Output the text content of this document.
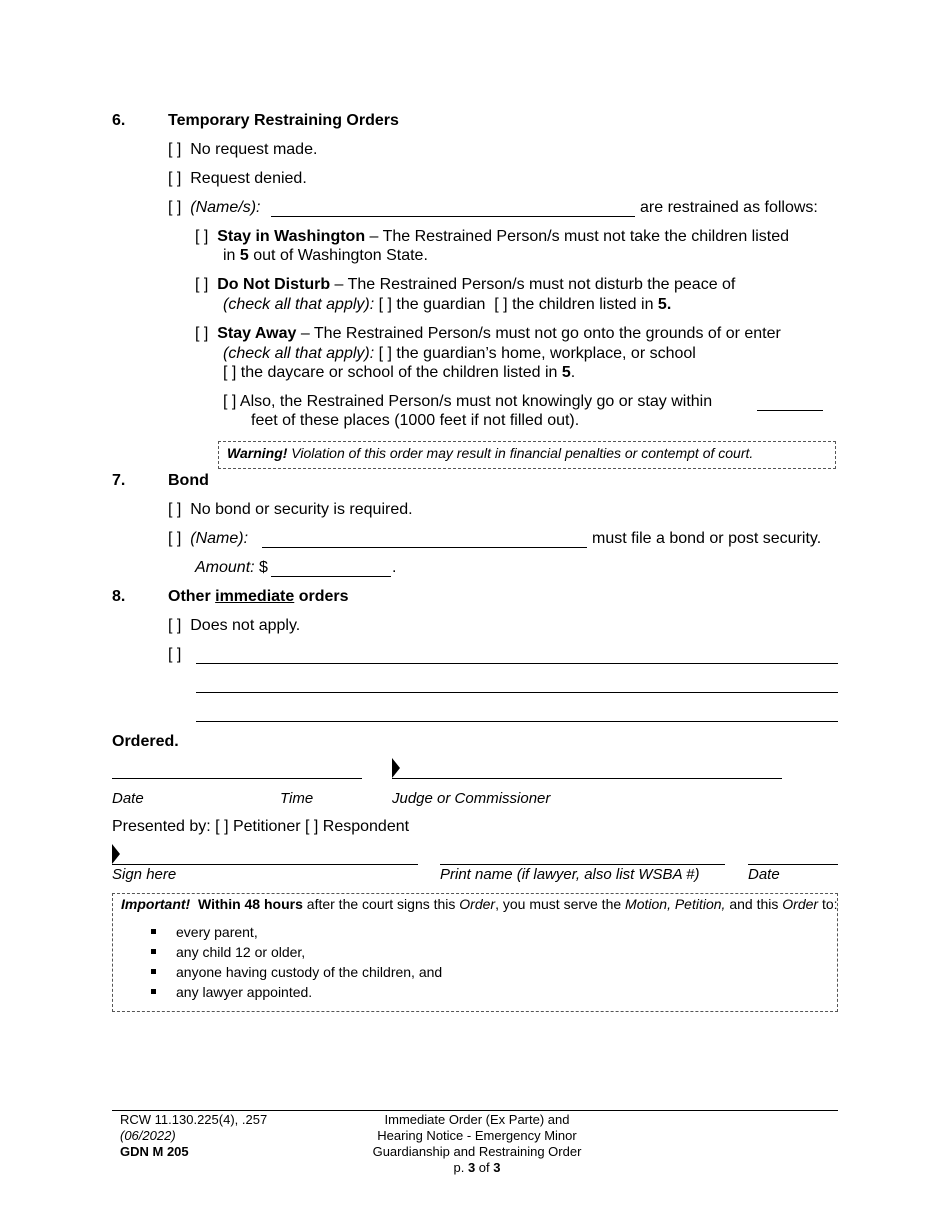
6.	Temporary Restraining Orders
[ ] No request made.
[ ] Request denied.
[ ] (Name/s):	are restrained as follows:
[ ] Stay in Washington – The Restrained Person/s must not take the children listed
in 5 out of Washington State.
[ ] Do Not Disturb – The Restrained Person/s must not disturb the peace of
(check all that apply): [ ] the guardian [ ] the children listed in 5.
[ ] Stay Away – The Restrained Person/s must not go onto the grounds of or enter
(check all that apply): [ ] the guardian’s home, workplace, or school
[ ] the daycare or school of the children listed in 5.
[ ] Also, the Restrained Person/s must not knowingly go or stay within
feet of these places (1000 feet if not filled out).
Warning! Violation of this order may result in financial penalties or contempt of court.
7.	Bond
[ ] No bond or security is required.
[ ] (Name):	must file a bond or post security.
Amount: $	.
8.	Other immediate orders
[ ] Does not apply.
[ ]
Ordered.
Date	Time	Judge or Commissioner
Presented by: [ ] Petitioner [ ] Respondent
Sign here	Print name (if lawyer, also list WSBA #)	Date
Important! Within 48 hours after the court signs this Order, you must serve the Motion, Petition, and this Order to:
every parent,
any child 12 or older,
anyone having custody of the children, and
any lawyer appointed.
RCW 11.130.225(4), .257
(06/2022)
GDN M 205
Immediate Order (Ex Parte) and
Hearing Notice - Emergency Minor
Guardianship and Restraining Order
p. 3 of 3
